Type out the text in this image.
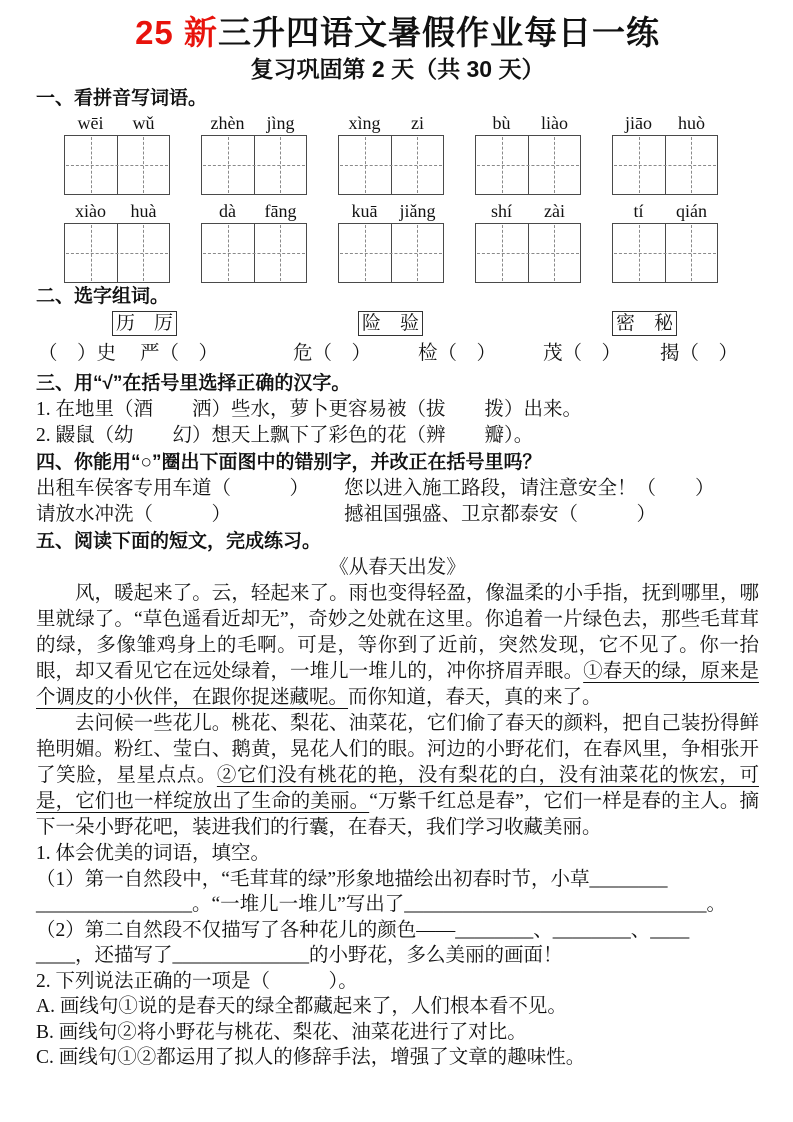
25 新三升四语文暑假作业每日一练
复习巩固第 2 天（共 30 天）
一、看拼音写词语。
wēi	wǔ	zhèn	jìng	xìng	zi	bù	liào	jiāo	huò
xiào	huà	dà	fāng	kuā	jiǎng	shí	zài	tí	qián
二、选字组词。
历　厉	险　验	密　秘
（　）史 严（　）	危（　） 检（　） 茂（　） 揭（　）
三、用“√”在括号里选择正确的汉字。
1. 在地里（酒　　洒）些水，萝卜更容易被（拔　　拨）出来。
2. 鼹鼠（幼　　幻）想天上飘下了彩色的花（辨　　瓣）。
四、你能用“○”圈出下面图中的错别字，并改正在括号里吗？
出租车侯客专用车道（　　　）	您以进入施工路段，请注意安全！（　　）
请放水冲洗（　　　）	撼祖国强盛、卫京都泰安（　　　）
五、阅读下面的短文，完成练习。
《从春天出发》

风，暖起来了。云，轻起来了。雨也变得轻盈，像温柔的小手指，抚到哪里，哪里就绿了。“草色遥看近却无”，奇妙之处就在这里。你追着一片绿色去，那些毛茸茸的绿，多像雏鸡身上的毛啊。可是，等你到了近前，突然发现，它不见了。你一抬眼，却又看见它在远处绿着，一堆儿一堆儿的，冲你挤眉弄眼。①春天的绿，原来是个调皮的小伙伴，在跟你捉迷藏呢。而你知道，春天，真的来了。

去问候一些花儿。桃花、梨花、油菜花，它们偷了春天的颜料，把自己装扮得鲜艳明媚。粉红、莹白、鹅黄，晃花人们的眼。河边的小野花们，在春风里，争相张开了笑脸，星星点点。②它们没有桃花的艳，没有梨花的白，没有油菜花的恢宏，可是，它们也一样绽放出了生命的美丽。“万紫千红总是春”，它们一样是春的主人。摘下一朵小野花吧，装进我们的行囊，在春天，我们学习收藏美丽。

1. 体会优美的词语，填空。
（1）第一自然段中，“毛茸茸的绿”形象地描绘出初春时节，小草________
________________。“一堆儿一堆儿”写出了_______________________________。
（2）第二自然段不仅描写了各种花儿的颜色——________、________、____
____，还描写了______________的小野花，多么美丽的画面！
2. 下列说法正确的一项是（　　　）。
A. 画线句①说的是春天的绿全都藏起来了，人们根本看不见。
B. 画线句②将小野花与桃花、梨花、油菜花进行了对比。
C. 画线句①②都运用了拟人的修辞手法，增强了文章的趣味性。
